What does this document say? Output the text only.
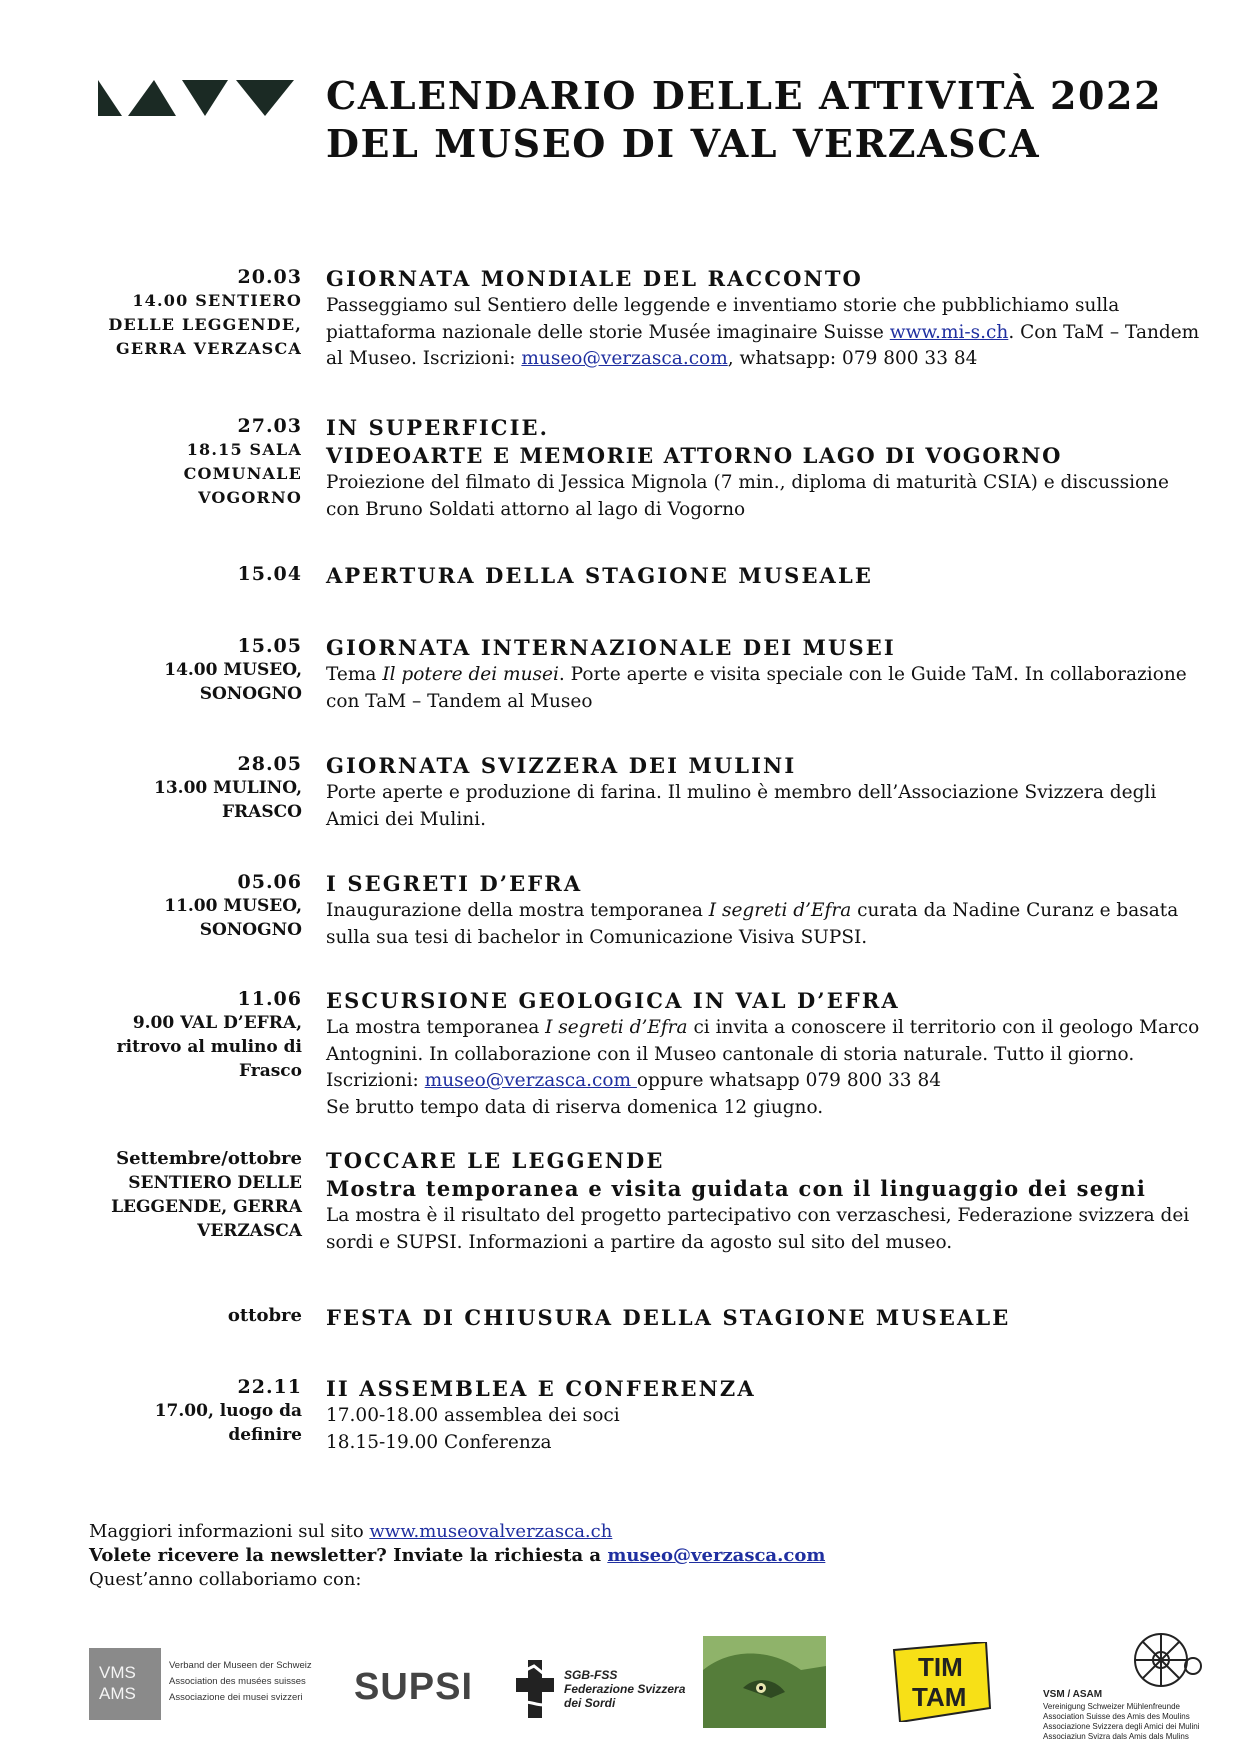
CALENDARIO DELLE ATTIVITÀ 2022
DEL MUSEO DI VAL VERZASCA
20.03
14.00 SENTIERO
DELLE LEGGENDE,
GERRA VERZASCA
GIORNATA MONDIALE DEL RACCONTO
Passeggiamo sul Sentiero delle leggende e inventiamo storie che pubblichiamo sulla piattaforma nazionale delle storie Musée imaginaire Suisse www.mi-s.ch. Con TaM – Tandem al Museo. Iscrizioni: museo@verzasca.com, whatsapp: 079 800 33 84
27.03
18.15 SALA
COMUNALE
VOGORNO
IN SUPERFICIE.
VIDEOARTE E MEMORIE ATTORNO LAGO DI VOGORNO
Proiezione del filmato di Jessica Mignola (7 min., diploma di maturità CSIA) e discussione con Bruno Soldati attorno al lago di Vogorno
15.04 APERTURA DELLA STAGIONE MUSEALE
15.05
14.00 MUSEO,
SONOGNO
GIORNATA INTERNAZIONALE DEI MUSEI
Tema Il potere dei musei. Porte aperte e visita speciale con le Guide TaM. In collaborazione con TaM – Tandem al Museo
28.05
13.00 MULINO,
FRASCO
GIORNATA SVIZZERA DEI MULINI
Porte aperte e produzione di farina. Il mulino è membro dell’Associazione Svizzera degli Amici dei Mulini.
05.06
11.00 MUSEO,
SONOGNO
I SEGRETI D’EFRA
Inaugurazione della mostra temporanea I segreti d’Efra curata da Nadine Curanz e basata sulla sua tesi di bachelor in Comunicazione Visiva SUPSI.
11.06
9.00 VAL D’EFRA,
ritrovo al mulino di
Frasco
ESCURSIONE GEOLOGICA IN VAL D’EFRA
La mostra temporanea I segreti d’Efra ci invita a conoscere il territorio con il geologo Marco Antognini. In collaborazione con il Museo cantonale di storia naturale. Tutto il giorno. Iscrizioni: museo@verzasca.com oppure whatsapp 079 800 33 84
Se brutto tempo data di riserva domenica 12 giugno.
Settembre/ottobre
SENTIERO DELLE
LEGGENDE, GERRA
VERZASCA
TOCCARE LE LEGGENDE
Mostra temporanea e visita guidata con il linguaggio dei segni
La mostra è il risultato del progetto partecipativo con verzaschesi, Federazione svizzera dei sordi e SUPSI. Informazioni a partire da agosto sul sito del museo.
ottobre FESTA DI CHIUSURA DELLA STAGIONE MUSEALE
22.11
17.00, luogo da
definire
II ASSEMBLEA E CONFERENZA
17.00-18.00 assemblea dei soci
18.15-19.00 Conferenza
Maggiori informazioni sul sito www.museovalverzasca.ch
Volete ricevere la newsletter? Inviate la richiesta a museo@verzasca.com
Quest’anno collaboriamo con:
VMS
AMS
Verband der Museen der Schweiz
Association des musées suisses
Associazione dei musei svizzeri SUPSI	SGB-FSS
Federazione Svizzera
dei Sordi
TIM
TAM	VSM / ASAM
Vereinigung Schweizer Mühlenfreunde
Association Suisse des Amis des Moulins
Associazione Svizzera degli Amici dei Mulini
Associaziun Svizra dals Amis dals Mulins
